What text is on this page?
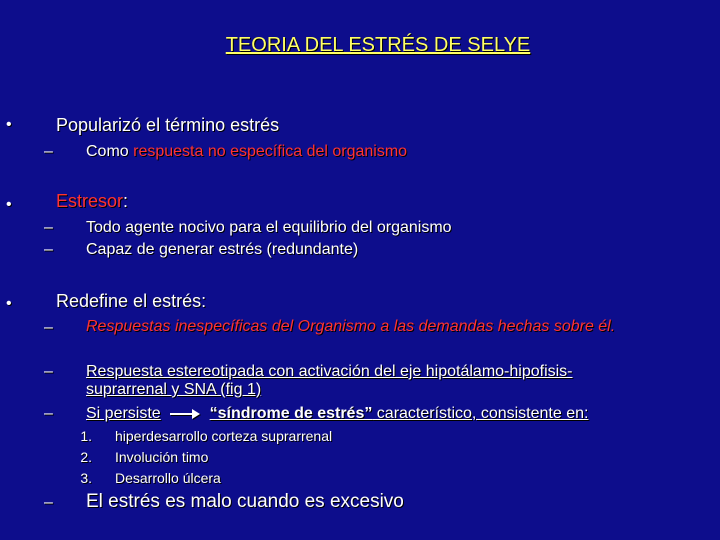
TEORIA DEL ESTRÉS DE SELYE
• Popularizó el término estrés
– Como respuesta no específica del organismo
• Estresor:
– Todo agente nocivo para el equilibrio del organismo
– Capaz de generar estrés (redundante)
• Redefine el estrés:
– Respuestas inespecíficas del Organismo a las demandas hechas sobre él.
– Respuesta estereotipada con activación del eje hipotálamo-hipofisis-
suprarrenal y SNA (fig 1)
– Si persiste	“síndrome de estrés” característico, consistente en:
1. hiperdesarrollo corteza suprarrenal
2. Involución timo
3. Desarrollo úlcera
– El estrés es malo cuando es excesivo
